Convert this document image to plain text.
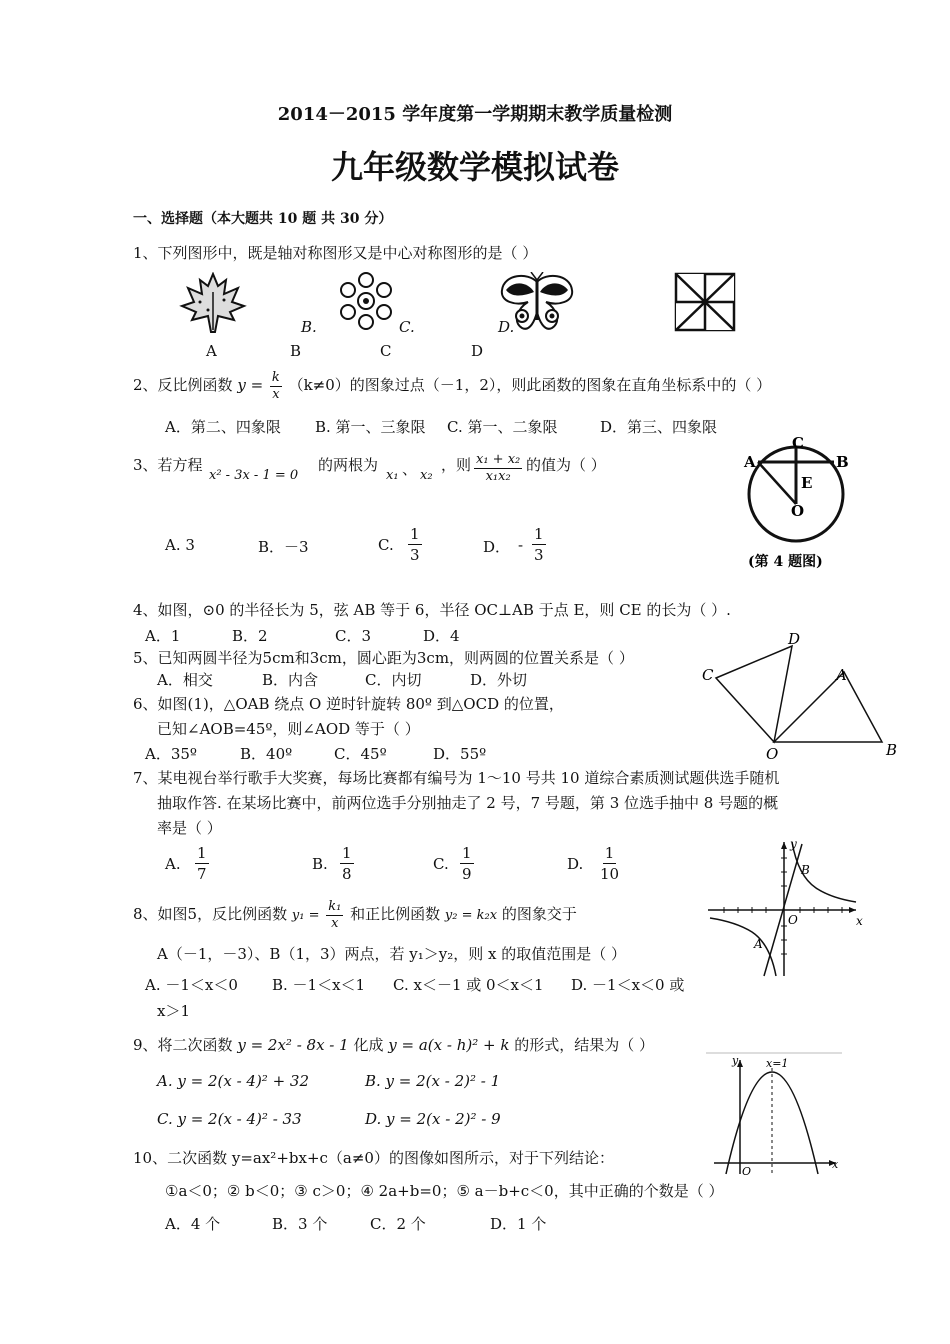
2014－2015 学年度第一学期期末教学质量检测
九年级数学模拟试卷
一、选择题（本大题共 10 题 共 30 分）
1、下列图形中，既是轴对称图形又是中心对称图形的是（ ）
B.	C.	D.
A	B	C	D
2、反比例函数 $y = \frac{k}{x} (k\ne 0)$的图象过点（－1，2），则此函数的图象在直角坐标系中的（ ）
A．第二、四象限 B. 第一、三象限 C. 第一、二象限	D．第三、四象限
3、若方程
x² - 3x - 1 = 0
的两根为
x₁ 、 x₂
，则 $\frac{\text{x₁ + x₂}}{\text{x₁x₂}}$ 的值为（ ）
A. 3	B．－3	C. $\frac{1}{3}$	D． - $\frac{1}{3}$
A	B
C
E
O
(第 4 题图)
4、如图，⊙0 的半径长为 5，弦 AB 等于 6，半径 OC⊥AB 于点 E，则 CE 的长为（ ）.
A．1	B．2	C．3	D．4
5、已知两圆半径为5cm和3cm，圆心距为3cm，则两圆的位置关系是（ ）
A．相交	B．内含	C．内切	D．外切
6、如图(1)，△OAB 绕点 O 逆时针旋转 80º 到△OCD 的位置，
已知∠AOB=45º，则∠AOD 等于（ ）
A．35º	B．40º	C．45º	D．55º
D
C	A
O	B
7、某电视台举行歌手大奖赛，每场比赛都有编号为 1～10 号共 10 道综合素质测试题供选手随机
抽取作答. 在某场比赛中，前两位选手分别抽走了 2 号，7 号题，第 3 位选手抽中 8 号题的概
率是（ ）
A. $\frac{1}{7}$	B. $\frac{1}{8}$	C. $\frac{1}{9}$	D. $\frac{1}{10}$
8、如图5，反比例函数 $y_1 = \frac{\text{k₁}}{x}$ 和正比例函数 y₂ = k₂x 的图象交于
A（－1，－3）、B（1，3）两点，若 y₁＞y₂，则 x 的取值范围是（ ）
A. －1＜x＜0 B. －1＜x＜1 C. x＜－1 或 0＜x＜1 D. －1＜x＜0 或
x＞1
y
B
O	x
A
9、将二次函数 y = 2x² - 8x - 1 化成 y = a(x - h)² + k 的形式，结果为（ ）
A. y = 2(x - 4)² + 32	B. y = 2(x - 2)² - 1
C. y = 2(x - 4)² - 33	D. y = 2(x - 2)² - 9
y	x=1
O
x
10、二次函数 y=ax²+bx+c（a≠0）的图像如图所示，对于下列结论：
①a＜0；② b＜0；③ c＞0；④ 2a+b=0；⑤ a－b+c＜0，其中正确的个数是（ ）
A．4 个	B．3 个	C．2 个	D．1 个
